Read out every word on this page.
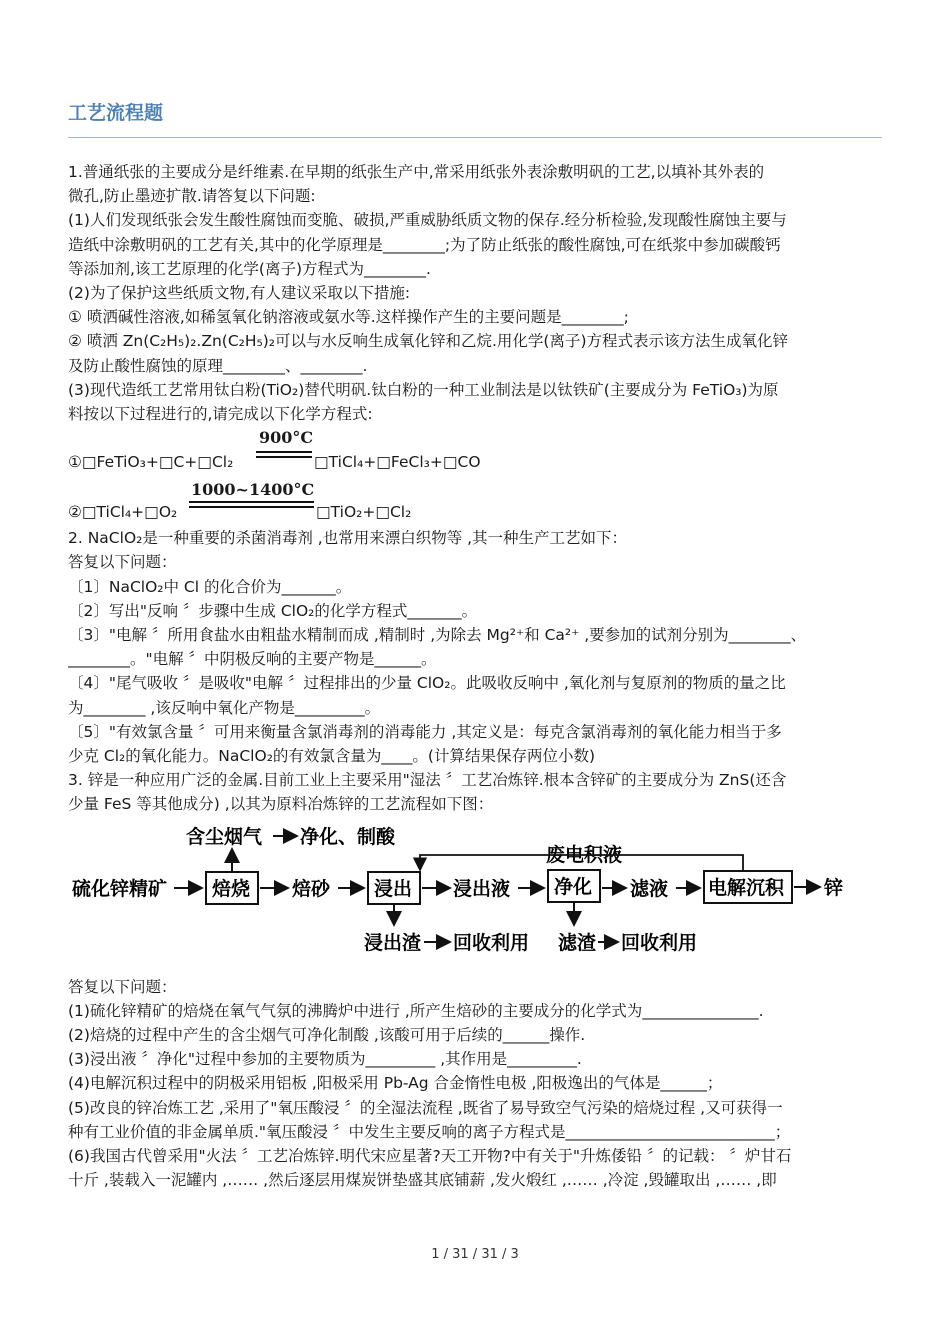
工艺流程题
1.普通纸张的主要成分是纤维素.在早期的纸张生产中,常采用纸张外表涂敷明矾的工艺,以填补其外表的
微孔,防止墨迹扩散.请答复以下问题:
(1)人们发现纸张会发生酸性腐蚀而变脆、破损,严重威胁纸质文物的保存.经分析检验,发现酸性腐蚀主要与
造纸中涂敷明矾的工艺有关,其中的化学原理是________;为了防止纸张的酸性腐蚀,可在纸浆中参加碳酸钙
等添加剂,该工艺原理的化学(离子)方程式为________.
(2)为了保护这些纸质文物,有人建议采取以下措施:
① 喷洒碱性溶液,如稀氢氧化钠溶液或氨水等.这样操作产生的主要问题是________;
② 喷洒 Zn(C₂H₅)₂.Zn(C₂H₅)₂可以与水反响生成氧化锌和乙烷.用化学(离子)方程式表示该方法生成氧化锌
及防止酸性腐蚀的原理________、________.
(3)现代造纸工艺常用钛白粉(TiO₂)替代明矾.钛白粉的一种工业制法是以钛铁矿(主要成分为 FeTiO₃)为原
料按以下过程进行的,请完成以下化学方程式:
①□FeTiO₃+□C+□Cl₂
900°C
□TiCl₄+□FeCl₃+□CO
②□TiCl₄+□O₂
1000~1400°C
□TiO₂+□Cl₂
2. NaClO₂是一种重要的杀菌消毒剂 ,也常用来漂白织物等 ,其一种生产工艺如下：
答复以下问题：
〔1〕NaClO₂中 Cl 的化合价为_______。
〔2〕写出"反响 〞步骤中生成 ClO₂的化学方程式_______。
〔3〕"电解 〞所用食盐水由粗盐水精制而成 ,精制时 ,为除去 Mg²⁺和 Ca²⁺ ,要参加的试剂分别为________、
________。"电解 〞中阴极反响的主要产物是______。
〔4〕"尾气吸收 〞是吸收"电解 〞过程排出的少量 ClO₂。此吸收反响中 ,氧化剂与复原剂的物质的量之比
为________ ,该反响中氧化产物是_________。
〔5〕"有效氯含量 〞可用来衡量含氯消毒剂的消毒能力 ,其定义是：每克含氯消毒剂的氧化能力相当于多
少克 Cl₂的氧化能力。NaClO₂的有效氯含量为____。(计算结果保存两位小数)
3. 锌是一种应用广泛的金属.目前工业上主要采用"湿法 〞工艺冶炼锌.根本含锌矿的主要成分为 ZnS(还含
少量 FeS 等其他成分) ,以其为原料冶炼锌的工艺流程如下图：
含尘烟气 净化、制酸
废电积液
硫化锌精矿 焙烧 焙砂 浸出 浸出液 净化 滤液 电解沉积 锌
浸出渣 回收利用 滤渣 回收利用
答复以下问题：
(1)硫化锌精矿的焙烧在氧气气氛的沸腾炉中进行 ,所产生焙砂的主要成分的化学式为_______________.
(2)焙烧的过程中产生的含尘烟气可净化制酸 ,该酸可用于后续的______操作.
(3)浸出液 〞净化"过程中参加的主要物质为_________ ,其作用是_________.
(4)电解沉积过程中的阴极采用铝板 ,阳极采用 Pb-Ag 合金惰性电极 ,阳极逸出的气体是______；
(5)改良的锌冶炼工艺 ,采用了"氧压酸浸 〞的全湿法流程 ,既省了易导致空气污染的焙烧过程 ,又可获得一
种有工业价值的非金属单质."氧压酸浸 〞中发生主要反响的离子方程式是___________________________；
(6)我国古代曾采用"火法 〞工艺冶炼锌.明代宋应星著?天工开物?中有关于"升炼倭铅 〞的记载： 〞炉甘石
十斤 ,装载入一泥罐内 ,…… ,然后逐层用煤炭饼垫盛其底铺薪 ,发火煅红 ,…… ,冷淀 ,毁罐取出 ,…… ,即
1 / 31 / 31 / 3
